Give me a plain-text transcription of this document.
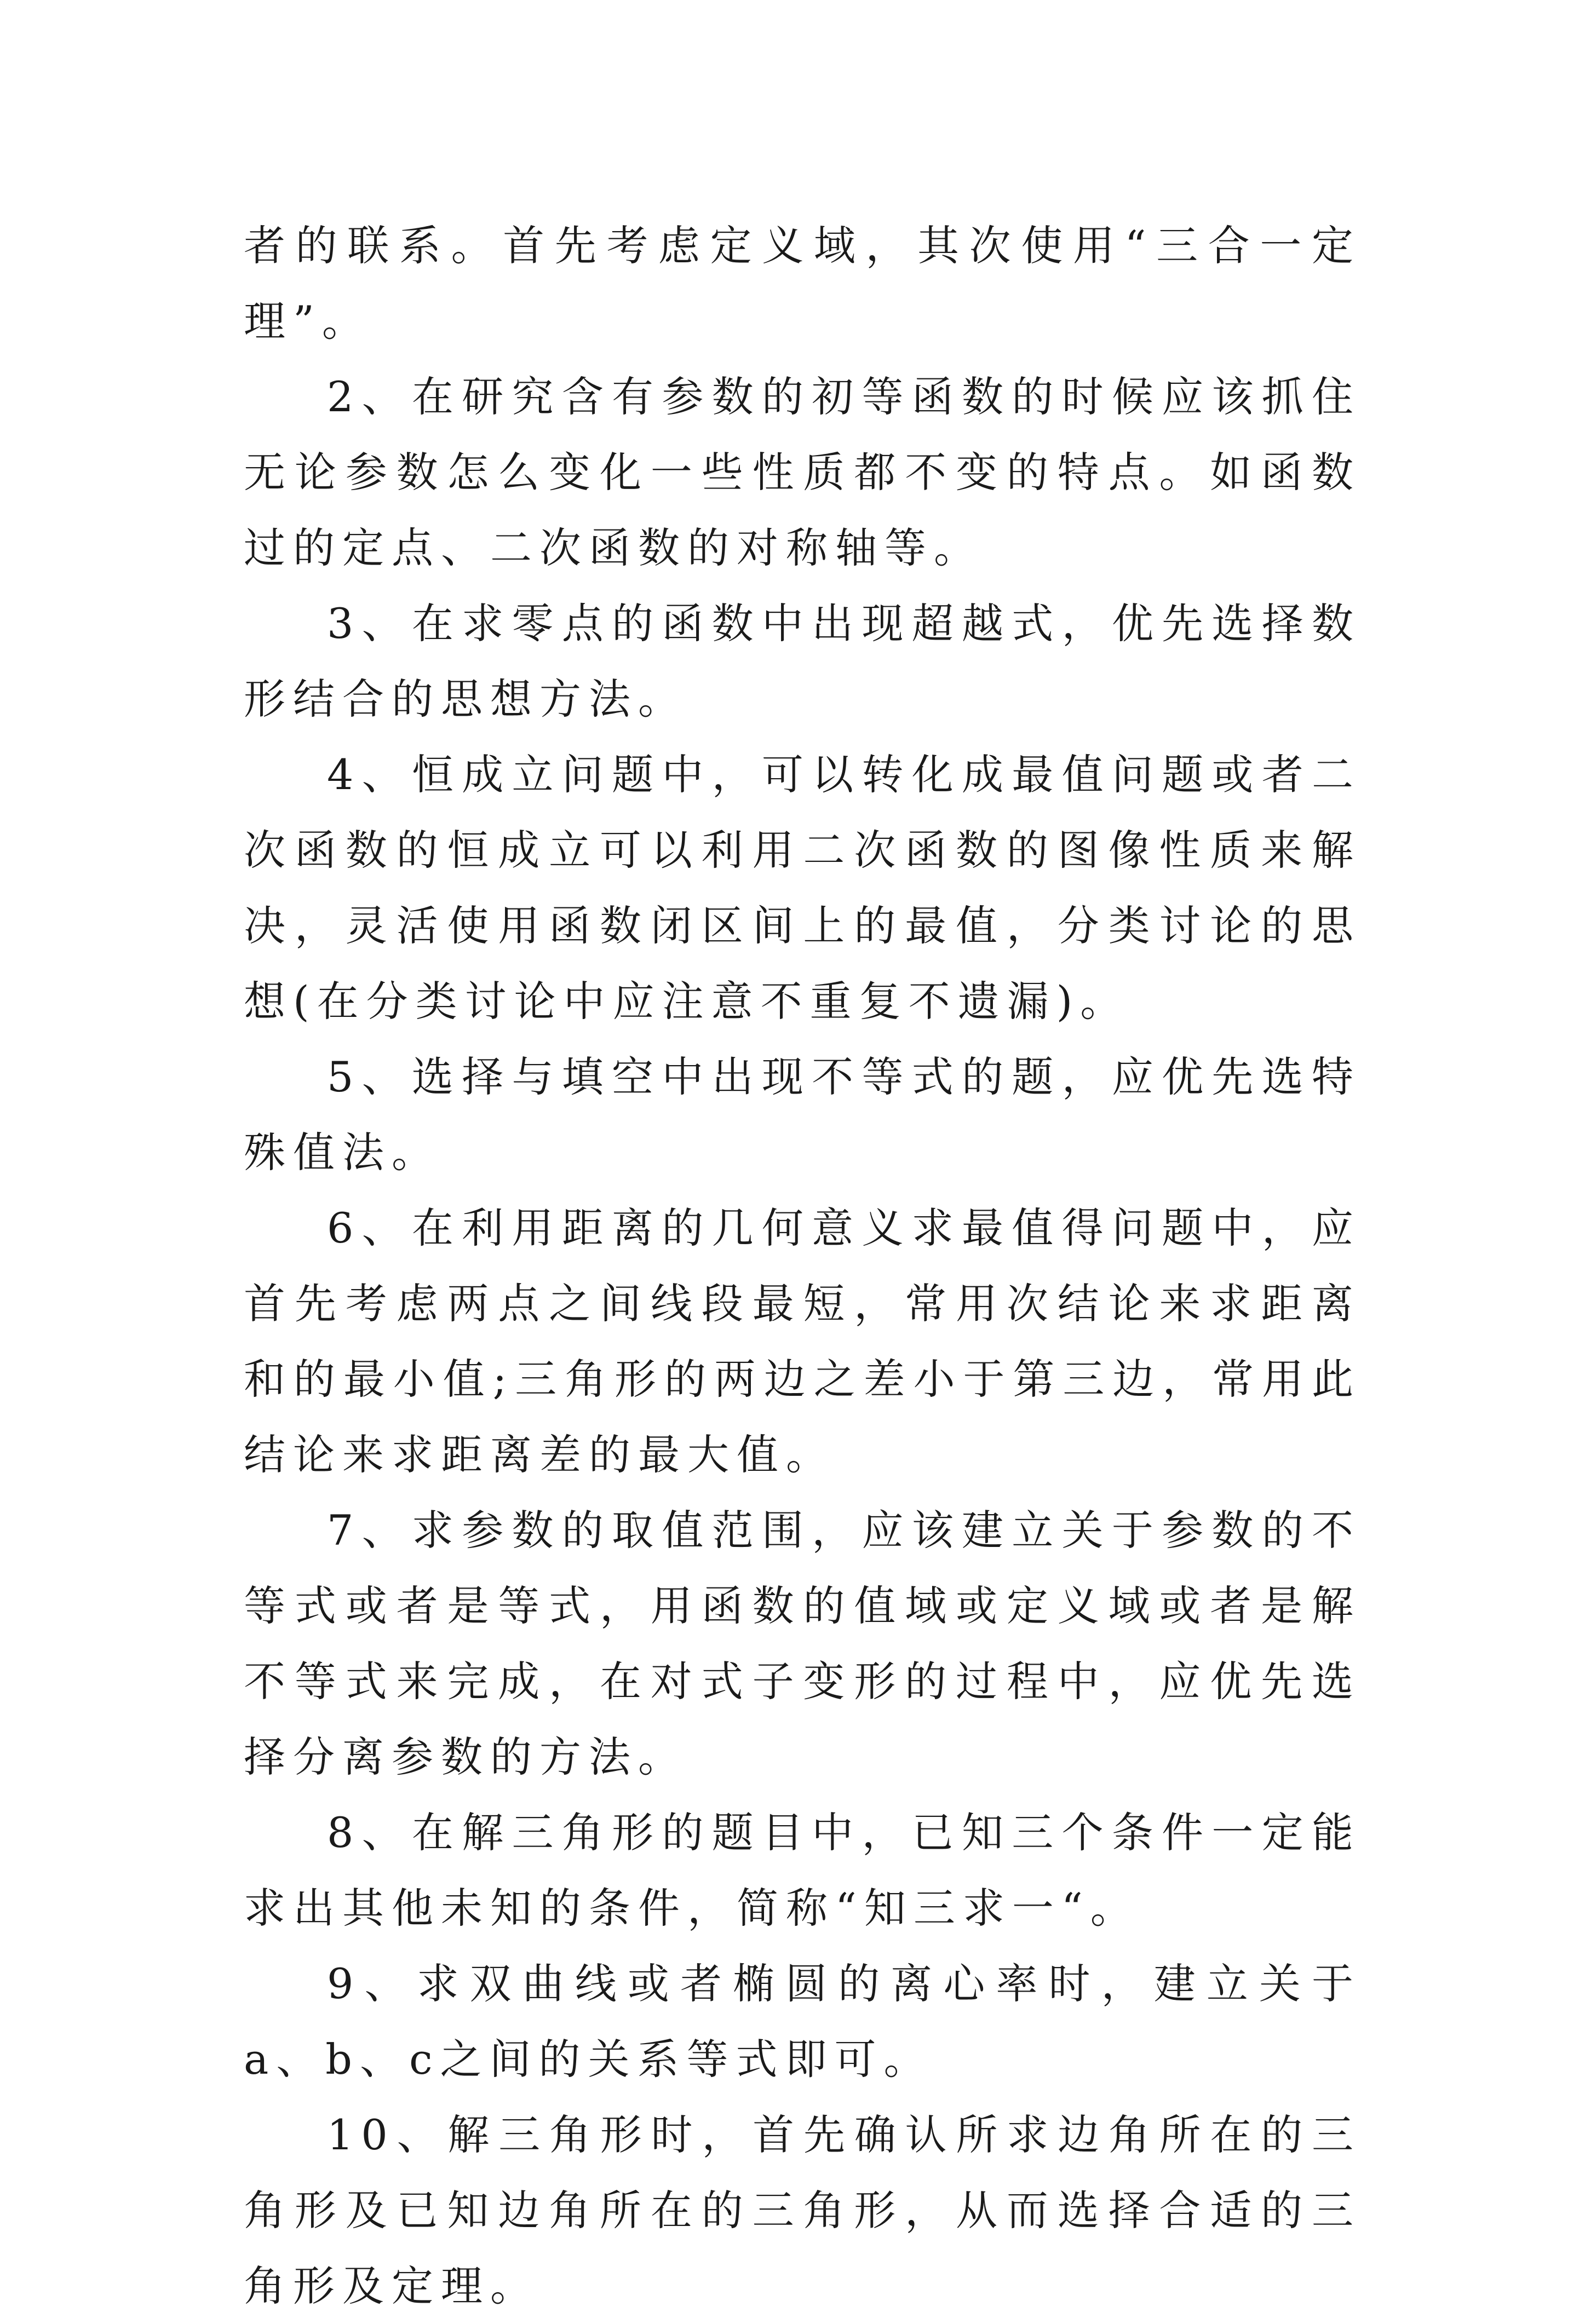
者的联系。首先考虑定义域，其次使用“三合一定理”。

2、在研究含有参数的初等函数的时候应该抓住无论参数怎么变化一些性质都不变的特点。如函数过的定点、二次函数的对称轴等。

3、在求零点的函数中出现超越式，优先选择数形结合的思想方法。

4、恒成立问题中，可以转化成最值问题或者二次函数的恒成立可以利用二次函数的图像性质来解决，灵活使用函数闭区间上的最值，分类讨论的思想(在分类讨论中应注意不重复不遗漏)。

5、选择与填空中出现不等式的题，应优先选特殊值法。

6、在利用距离的几何意义求最值得问题中，应首先考虑两点之间线段最短，常用次结论来求距离和的最小值;三角形的两边之差小于第三边，常用此结论来求距离差的最大值。

7、求参数的取值范围，应该建立关于参数的不等式或者是等式，用函数的值域或定义域或者是解不等式来完成，在对式子变形的过程中，应优先选择分离参数的方法。

8、在解三角形的题目中，已知三个条件一定能求出其他未知的条件，简称“知三求一“。

9、求双曲线或者椭圆的离心率时，建立关于a、b、c之间的关系等式即可。

10、解三角形时，首先确认所求边角所在的三角形及已知边角所在的三角形，从而选择合适的三角形及定理。
